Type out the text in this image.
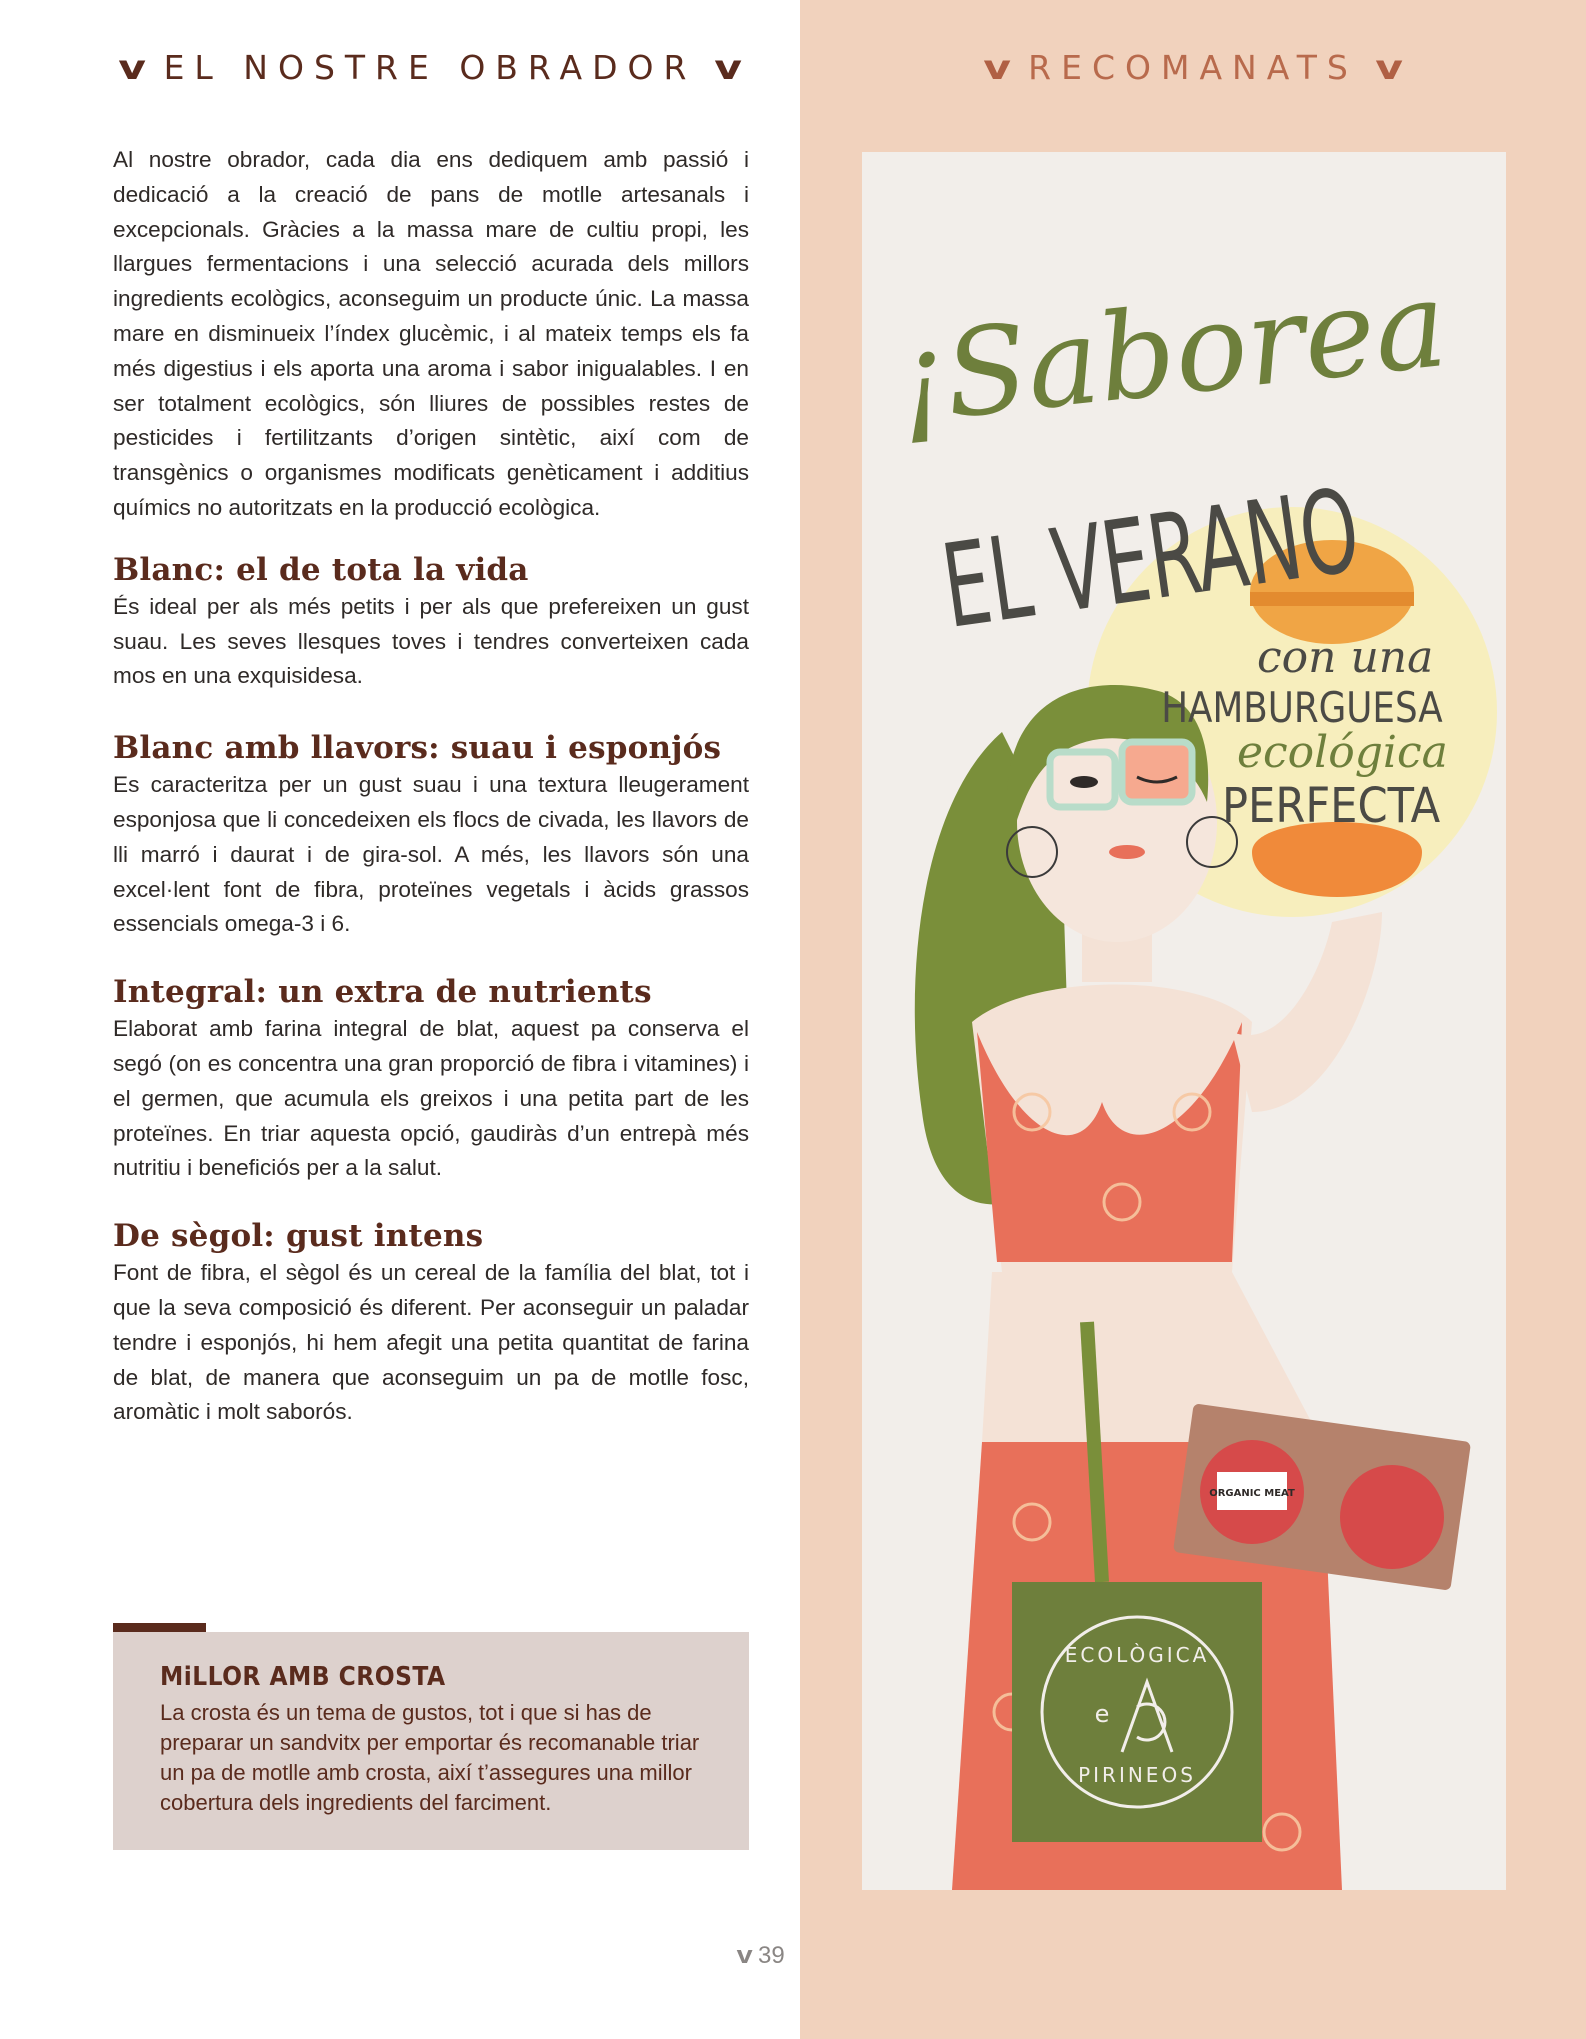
v EL NOSTRE OBRADOR v

Al nostre obrador, cada dia ens dediquem amb passió i dedicació a la creació de pans de motlle artesanals i excepcionals. Gràcies a la massa mare de cultiu propi, les llargues fermentacions i una selecció acurada dels millors ingredients ecològics, aconseguim un producte únic. La massa mare en disminueix l’índex glucèmic, i al mateix temps els fa més digestius i els aporta una aroma i sabor inigualables. I en ser totalment ecològics, són lliures de possibles restes de pesticides i fertilitzants d’origen sintètic, així com de transgènics o organismes modificats genèticament i additius químics no autoritzats en la producció ecològica.

Blanc: el de tota la vida

És ideal per als més petits i per als que prefereixen un gust suau. Les seves llesques toves i tendres converteixen cada mos en una exquisidesa.

Blanc amb llavors: suau i esponjós

Es caracteritza per un gust suau i una textura lleugerament esponjosa que li concedeixen els flocs de civada, les llavors de lli marró i daurat i de gira-sol. A més, les llavors són una excel·lent font de fibra, proteïnes vegetals i àcids grassos essencials omega-3 i 6.

Integral: un extra de nutrients

Elaborat amb farina integral de blat, aquest pa conserva el segó (on es concentra una gran proporció de fibra i vitamines) i el germen, que acumula els greixos i una petita part de les proteïnes. En triar aquesta opció, gaudiràs d’un entrepà més nutritiu i beneficiós per a la salut.

De sègol: gust intens

Font de fibra, el sègol és un cereal de la família del blat, tot i que la seva composició és diferent. Per aconseguir un paladar tendre i esponjós, hi hem afegit una petita quantitat de farina de blat, de manera que aconseguim un pa de motlle fosc, aromàtic i molt saborós.

MiLLOR AMB CROSTA
La crosta és un tema de gustos, tot i que si has de preparar un sandvitx per emportar és recomanable triar un pa de motlle amb crosta, així t’assegures una millor cobertura dels ingredients del farciment.
v 39
v RECOMANATS v
ORGANIC MEAT
ECOLÒGICA
e
PIRINEOS
¡Saborea
EL VERANO
con una
HAMBURGUESA
ecológica
PERFECTA
